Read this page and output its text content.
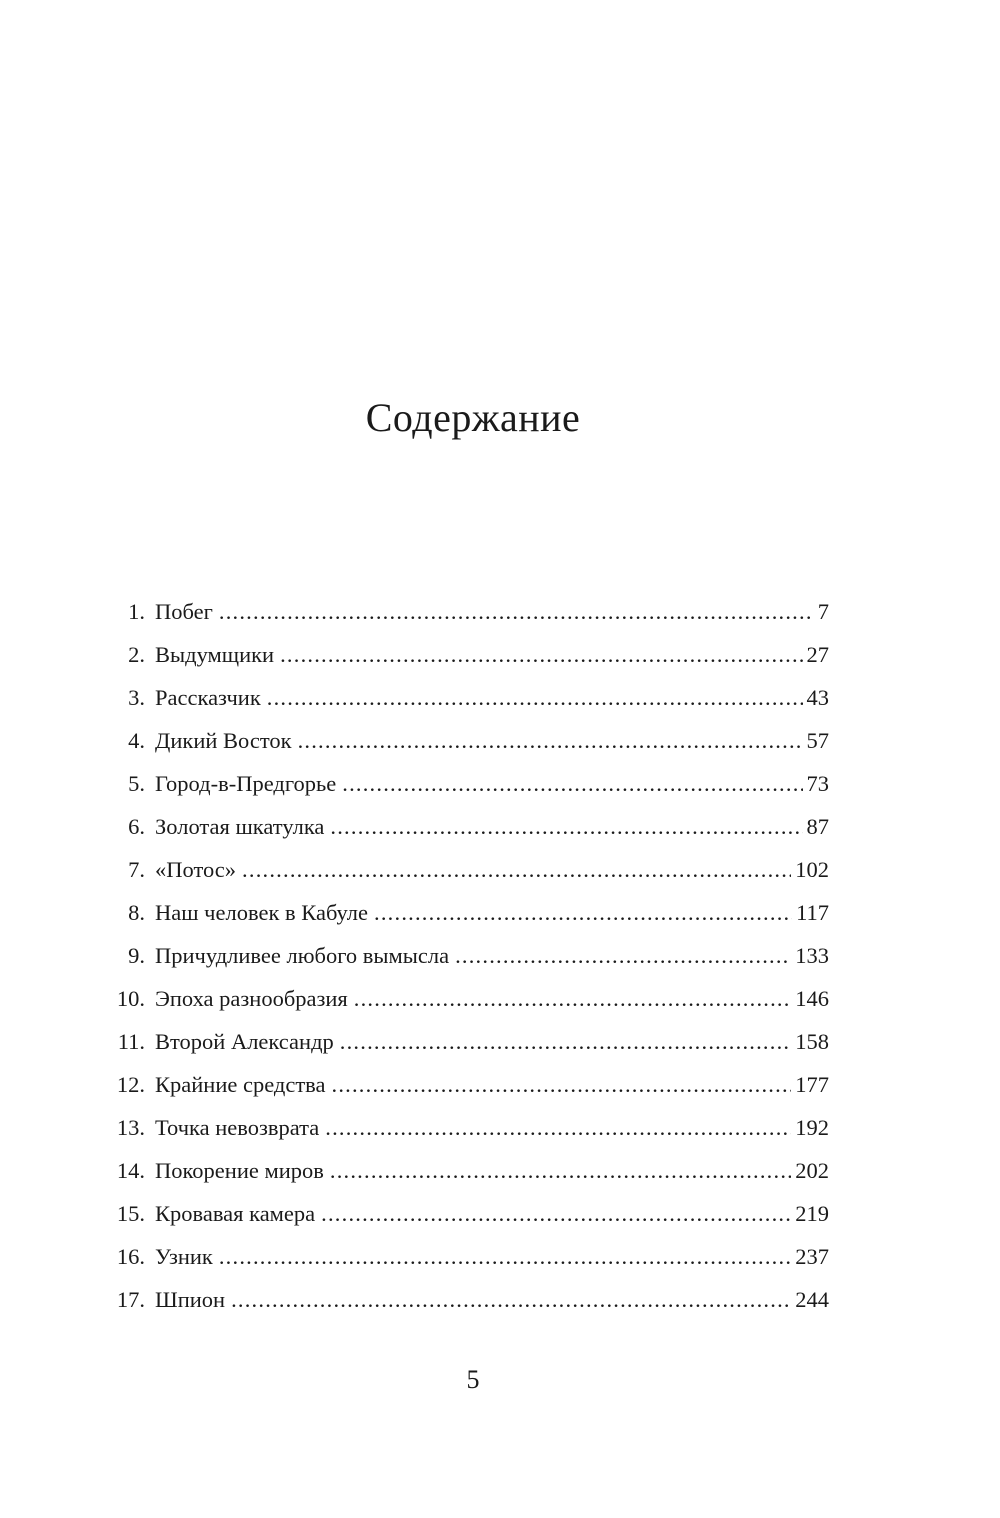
Содержание
1. Побег .....	7
2. Выдумщики .....	27
3. Рассказчик .....	43
4. Дикий Восток .....	57
5. Город-в-Предгорье .....	73
6. Золотая шкатулка .....	87
7. «Потос» .....	102
8. Наш человек в Кабуле .....	117
9. Причудливее любого вымысла .....	133
10. Эпоха разнообразия .....	146
11. Второй Александр .....	158
12. Крайние средства .....	177
13. Точка невозврата .....	192
14. Покорение миров .....	202
15. Кровавая камера .....	219
16. Узник .....	237
17. Шпион .....	244
5
